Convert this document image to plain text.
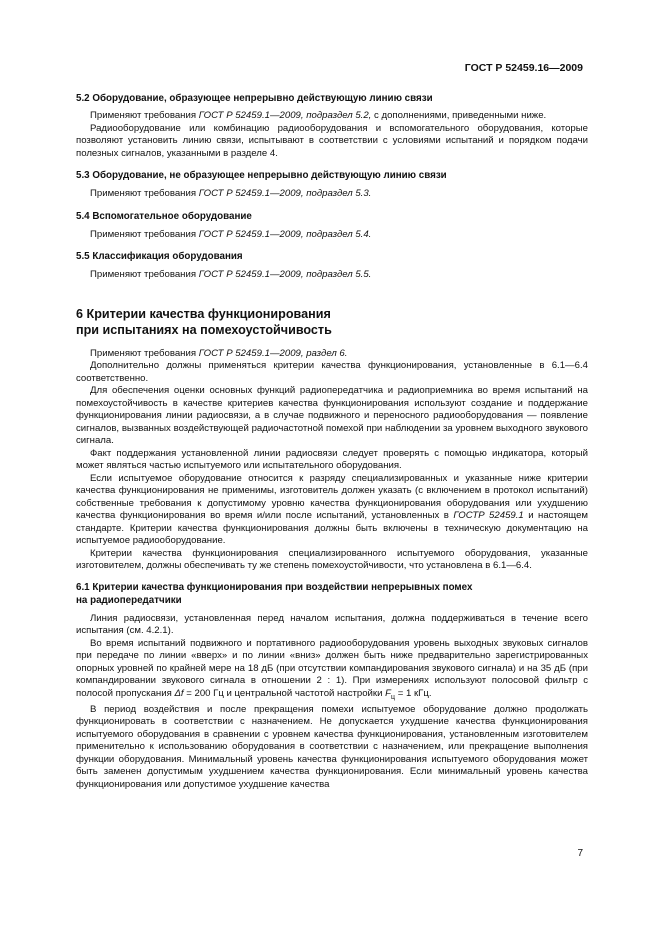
ГОСТ Р 52459.16—2009
5.2 Оборудование, образующее непрерывно действующую линию связи

Применяют требования ГОСТ Р 52459.1—2009, подраздел 5.2, с дополнениями, приведенными ниже.

Радиооборудование или комбинацию радиооборудования и вспомогательного оборудования, которые позволяют установить линию связи, испытывают в соответствии с условиями испытаний и порядком подачи полезных сигналов, указанными в разделе 4.

5.3 Оборудование, не образующее непрерывно действующую линию связи

Применяют требования ГОСТ Р 52459.1—2009, подраздел 5.3.

5.4 Вспомогательное оборудование

Применяют требования ГОСТ Р 52459.1—2009, подраздел 5.4.

5.5 Классификация оборудования

Применяют требования ГОСТ Р 52459.1—2009, подраздел 5.5.

6 Критерии качества функционирования
при испытаниях на помехоустойчивость

Применяют требования ГОСТ Р 52459.1—2009, раздел 6.

Дополнительно должны применяться критерии качества функционирования, установленные в 6.1—6.4 соответственно.

Для обеспечения оценки основных функций радиопередатчика и радиоприемника во время испытаний на помехоустойчивость в качестве критериев качества функционирования используют создание и поддержание функционирования линии радиосвязи, а в случае подвижного и переносного радиооборудования — появление сигналов, вызванных воздействующей радиочастотной помехой при наблюдении за уровнем выходного звукового сигнала.

Факт поддержания установленной линии радиосвязи следует проверять с помощью индикатора, который может являться частью испытуемого или испытательного оборудования.

Если испытуемое оборудование относится к разряду специализированных и указанные ниже критерии качества функционирования не применимы, изготовитель должен указать (с включением в протокол испытаний) собственные требования к допустимому уровню качества функционирования оборудования или ухудшению качества функционирования во время и/или после испытаний, установленных в ГОСТР 52459.1 и настоящем стандарте. Критерии качества функционирования должны быть включены в техническую документацию на испытуемое радиооборудование.

Критерии качества функционирования специализированного испытуемого оборудования, указанные изготовителем, должны обеспечивать ту же степень помехоустойчивости, что установлена в 6.1—6.4.

6.1 Критерии качества функционирования при воздействии непрерывных помех
на радиопередатчики

Линия радиосвязи, установленная перед началом испытания, должна поддерживаться в течение всего испытания (см. 4.2.1).

Во время испытаний подвижного и портативного радиооборудования уровень выходных звуковых сигналов при передаче по линии «вверх» и по линии «вниз» должен быть ниже предварительно зарегистрированных опорных уровней по крайней мере на 18 дБ (при отсутствии компандирования звукового сигнала) и на 35 дБ (при компандировании звукового сигнала в отношении 2 : 1). При измерениях используют полосовой фильтр с полосой пропускания Δf = 200 Гц и центральной частотой настройки $F_ц = 1$ кГц.

В период воздействия и после прекращения помехи испытуемое оборудование должно продолжать функционировать в соответствии с назначением. Не допускается ухудшение качества функционирования испытуемого оборудования в сравнении с уровнем качества функционирования, установленным изготовителем применительно к использованию оборудования в соответствии с назначением, или прекращение выполнения функции оборудования. Минимальный уровень качества функционирования испытуемого оборудования может быть заменен допустимым ухудшением качества функционирования. Если минимальный уровень качества функционирования или допустимое ухудшение качества

7
